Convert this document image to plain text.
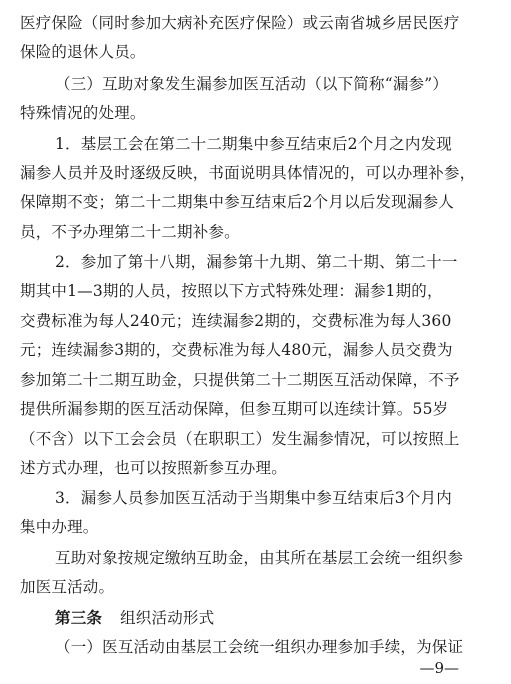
医疗保险（同时参加大病补充医疗保险）或云南省城乡居民医疗
保险的退休人员。
（三）互助对象发生漏参加医互活动（以下简称“漏参”）
特殊情况的处理。
1．基层工会在第二十二期集中参互结束后2个月之内发现
漏参人员并及时逐级反映，书面说明具体情况的，可以办理补参，
保障期不变；第二十二期集中参互结束后2个月以后发现漏参人
员，不予办理第二十二期补参。
2．参加了第十八期，漏参第十九期、第二十期、第二十一
期其中1—3期的人员，按照以下方式特殊处理：漏参1期的，
交费标准为每人240元；连续漏参2期的，交费标准为每人360
元；连续漏参3期的，交费标准为每人480元，漏参人员交费为
参加第二十二期互助金，只提供第二十二期医互活动保障，不予
提供所漏参期的医互活动保障，但参互期可以连续计算。55岁
（不含）以下工会会员（在职职工）发生漏参情况，可以按照上
述方式办理，也可以按照新参互办理。
3．漏参人员参加医互活动于当期集中参互结束后3个月内
集中办理。
互助对象按规定缴纳互助金，由其所在基层工会统一组织参
加医互活动。
第三条 组织活动形式
（一）医互活动由基层工会统一组织办理参加手续，为保证
—9—
